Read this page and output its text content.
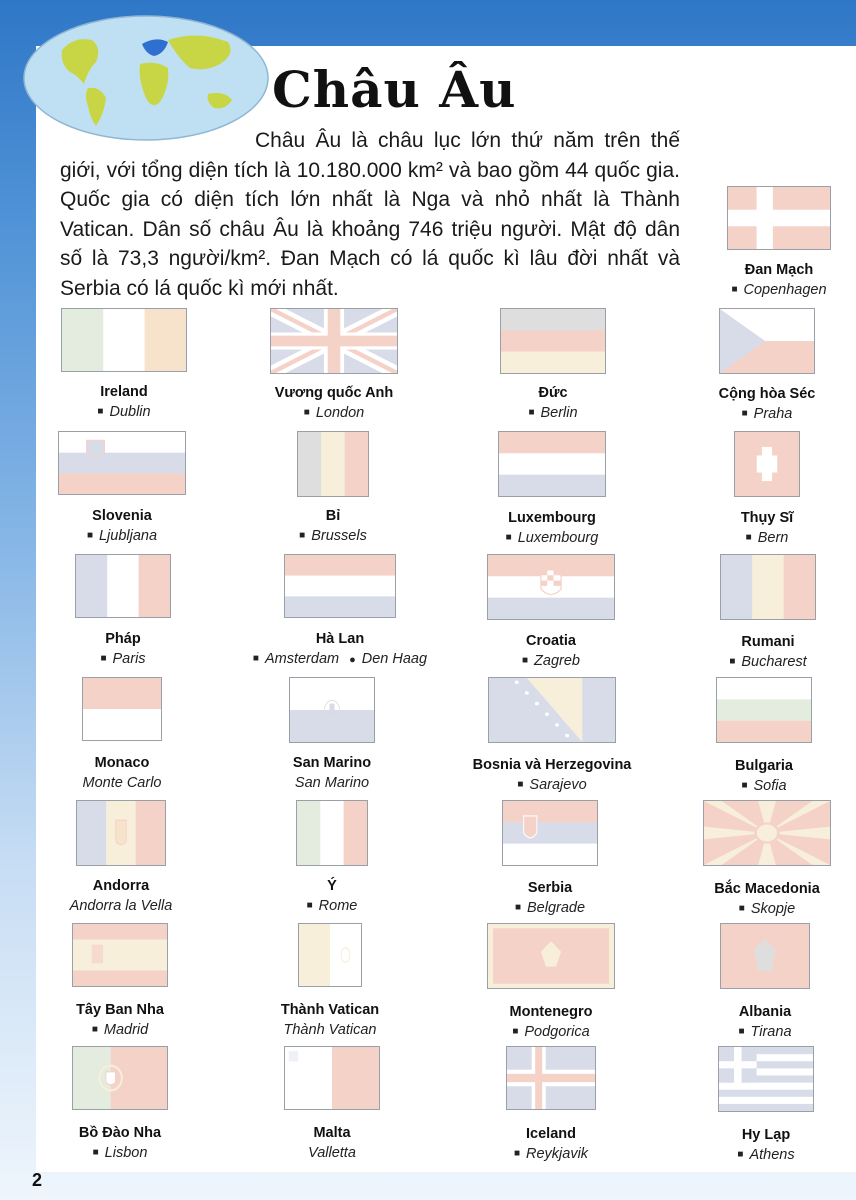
Châu Âu

Châu Âu là châu lục lớn thứ năm trên thế giới, với tổng diện tích là 10.180.000 km² và bao gồm 44 quốc gia. Quốc gia có diện tích lớn nhất là Nga và nhỏ nhất là Thành Vatican. Dân số châu Âu là khoảng 746 triệu người. Mật độ dân số là 73,3 người/km². Đan Mạch có lá quốc kì lâu đời nhất và Serbia có lá quốc kì mới nhất.

Đan Mạch
■ Copenhagen
Ireland
■ Dublin
Vương quốc Anh
■ London
Đức
■ Berlin
Cộng hòa Séc
■ Praha
Slovenia
■ Ljubljana
Bỉ
■ Brussels
Luxembourg
■ Luxembourg
Thụy Sĩ
■ Bern
Pháp
■ Paris
Hà Lan
■ Amsterdam ● Den Haag
Croatia
■ Zagreb
Rumani
■ Bucharest
Monaco
Monte Carlo
San Marino
San Marino
Bosnia và Herzegovina
■ Sarajevo
Bulgaria
■ Sofia
Andorra
Andorra la Vella
Ý
■ Rome
Serbia
■ Belgrade
Bắc Macedonia
■ Skopje
Tây Ban Nha
■ Madrid
Thành Vatican
Thành Vatican
Montenegro
■ Podgorica
Albania
■ Tirana
Bồ Đào Nha
■ Lisbon
Malta
Valletta
Iceland
■ Reykjavik
Hy Lạp
■ Athens
2
